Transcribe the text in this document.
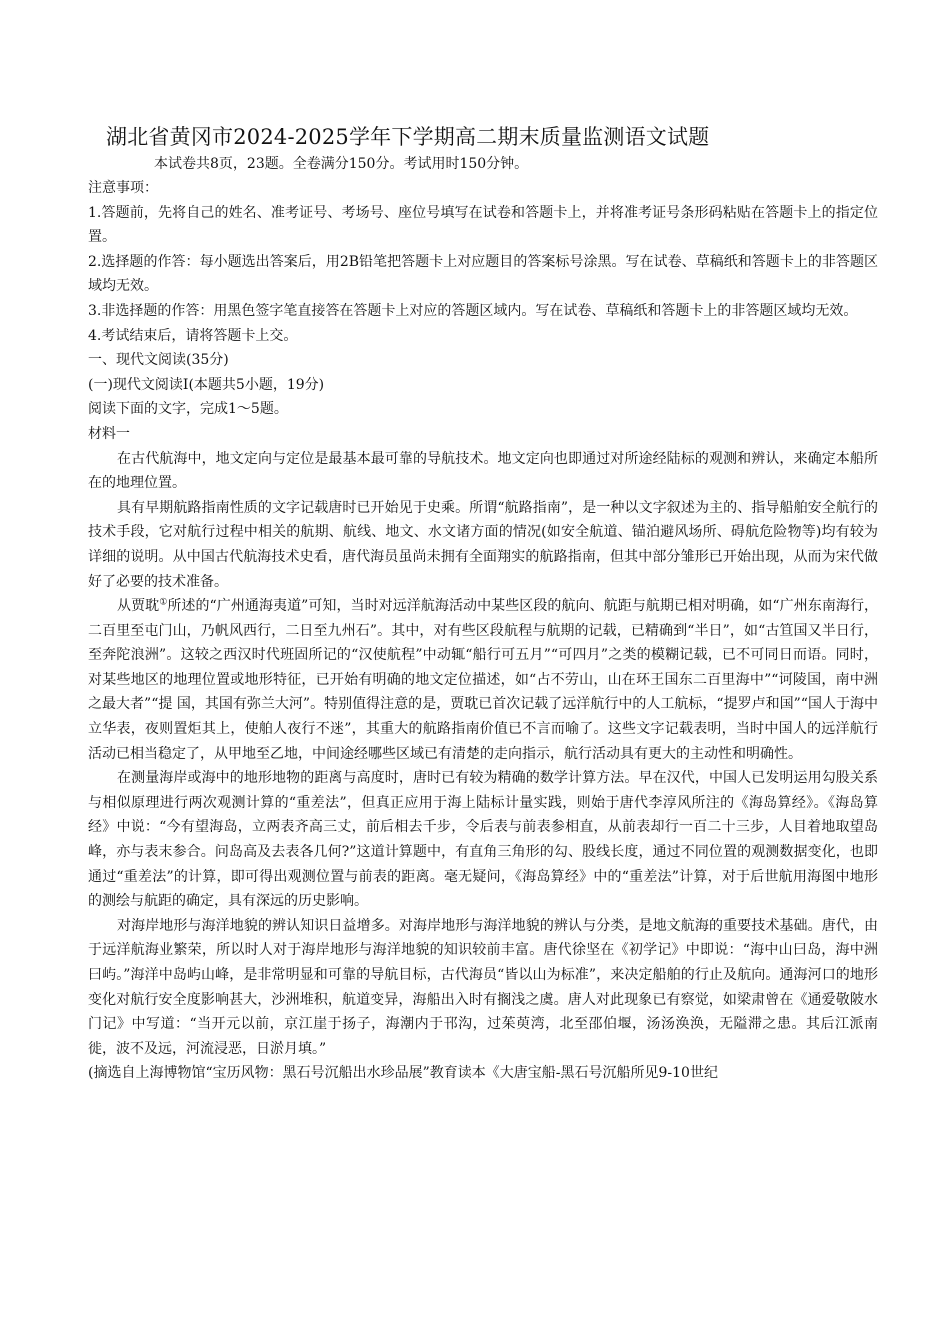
湖北省黄冈市2024-2025学年下学期高二期末质量监测语文试题
本试卷共8页，23题。全卷满分150分。考试用时150分钟。

注意事项：

1.答题前，先将自己的姓名、准考证号、考场号、座位号填写在试卷和答题卡上，并将准考证号条形码粘贴在答题卡上的指定位置。

2.选择题的作答：每小题选出答案后，用2B铅笔把答题卡上对应题目的答案标号涂黑。写在试卷、草稿纸和答题卡上的非答题区域均无效。

3.非选择题的作答：用黑色签字笔直接答在答题卡上对应的答题区域内。写在试卷、草稿纸和答题卡上的非答题区域均无效。

4.考试结束后，请将答题卡上交。

一、现代文阅读(35分)

(一)现代文阅读Ⅰ(本题共5小题，19分)

阅读下面的文字，完成1～5题。

材料一

在古代航海中，地文定向与定位是最基本最可靠的导航技术。地文定向也即通过对所途经陆标的观测和辨认，来确定本船所在的地理位置。

具有早期航路指南性质的文字记载唐时已开始见于史乘。所谓“航路指南”，是一种以文字叙述为主的、指导船舶安全航行的技术手段，它对航行过程中相关的航期、航线、地文、水文诸方面的情况(如安全航道、锚泊避风场所、碍航危险物等)均有较为详细的说明。从中国古代航海技术史看，唐代海员虽尚未拥有全面翔实的航路指南，但其中部分雏形已开始出现，从而为宋代做好了必要的技术准备。

从贾耽①所述的“广州通海夷道”可知，当时对远洋航海活动中某些区段的航向、航距与航期已相对明确，如“广州东南海行，二百里至屯门山，乃帆风西行，二日至九州石”。其中，对有些区段航程与航期的记载，已精确到“半日”，如“古笪国又半日行，至奔陀浪洲”。这较之西汉时代班固所记的“汉使航程”中动辄“船行可五月”“可四月”之类的模糊记载，已不可同日而语。同时，对某些地区的地理位置或地形特征，已开始有明确的地文定位描述，如“占不劳山，山在环王国东二百里海中”“诃陵国，南中洲之最大者”“提 国，其国有弥兰大河”。特别值得注意的是，贾耽已首次记载了远洋航行中的人工航标，“提罗卢和国”“国人于海中立华表，夜则置炬其上，使舶人夜行不迷”，其重大的航路指南价值已不言而喻了。这些文字记载表明，当时中国人的远洋航行活动已相当稳定了，从甲地至乙地，中间途经哪些区域已有清楚的走向指示，航行活动具有更大的主动性和明确性。

在测量海岸或海中的地形地物的距离与高度时，唐时已有较为精确的数学计算方法。早在汉代，中国人已发明运用勾股关系与相似原理进行两次观测计算的“重差法”，但真正应用于海上陆标计量实践，则始于唐代李淳风所注的《海岛算经》。《海岛算经》中说：“今有望海岛，立两表齐高三丈，前后相去千步，令后表与前表参相直，从前表却行一百二十三步，人目着地取望岛峰，亦与表末参合。问岛高及去表各几何?”这道计算题中，有直角三角形的勾、股线长度，通过不同位置的观测数据变化，也即通过“重差法”的计算，即可得出观测位置与前表的距离。毫无疑问，《海岛算经》中的“重差法”计算，对于后世航用海图中地形的测绘与航距的确定，具有深远的历史影响。

对海岸地形与海洋地貌的辨认知识日益增多。对海岸地形与海洋地貌的辨认与分类，是地文航海的重要技术基础。唐代，由于远洋航海业繁荣，所以时人对于海岸地形与海洋地貌的知识较前丰富。唐代徐坚在《初学记》中即说：“海中山曰岛，海中洲曰屿。”海洋中岛屿山峰，是非常明显和可靠的导航目标，古代海员“皆以山为标准”，来决定船舶的行止及航向。通海河口的地形变化对航行安全度影响甚大，沙洲堆积，航道变异，海船出入时有搁浅之虞。唐人对此现象已有察觉，如梁肃曾在《通爱敬陂水门记》中写道：“当开元以前，京江崖于扬子，海潮内于邗沟，过茱萸湾，北至邵伯堰，汤汤涣涣，无隘滞之患。其后江派南徙，波不及远，河流浸恶，日淤月填。”

(摘选自上海博物馆“宝历风物：黑石号沉船出水珍品展”教育读本《大唐宝船-黑石号沉船所见9-10世纪
